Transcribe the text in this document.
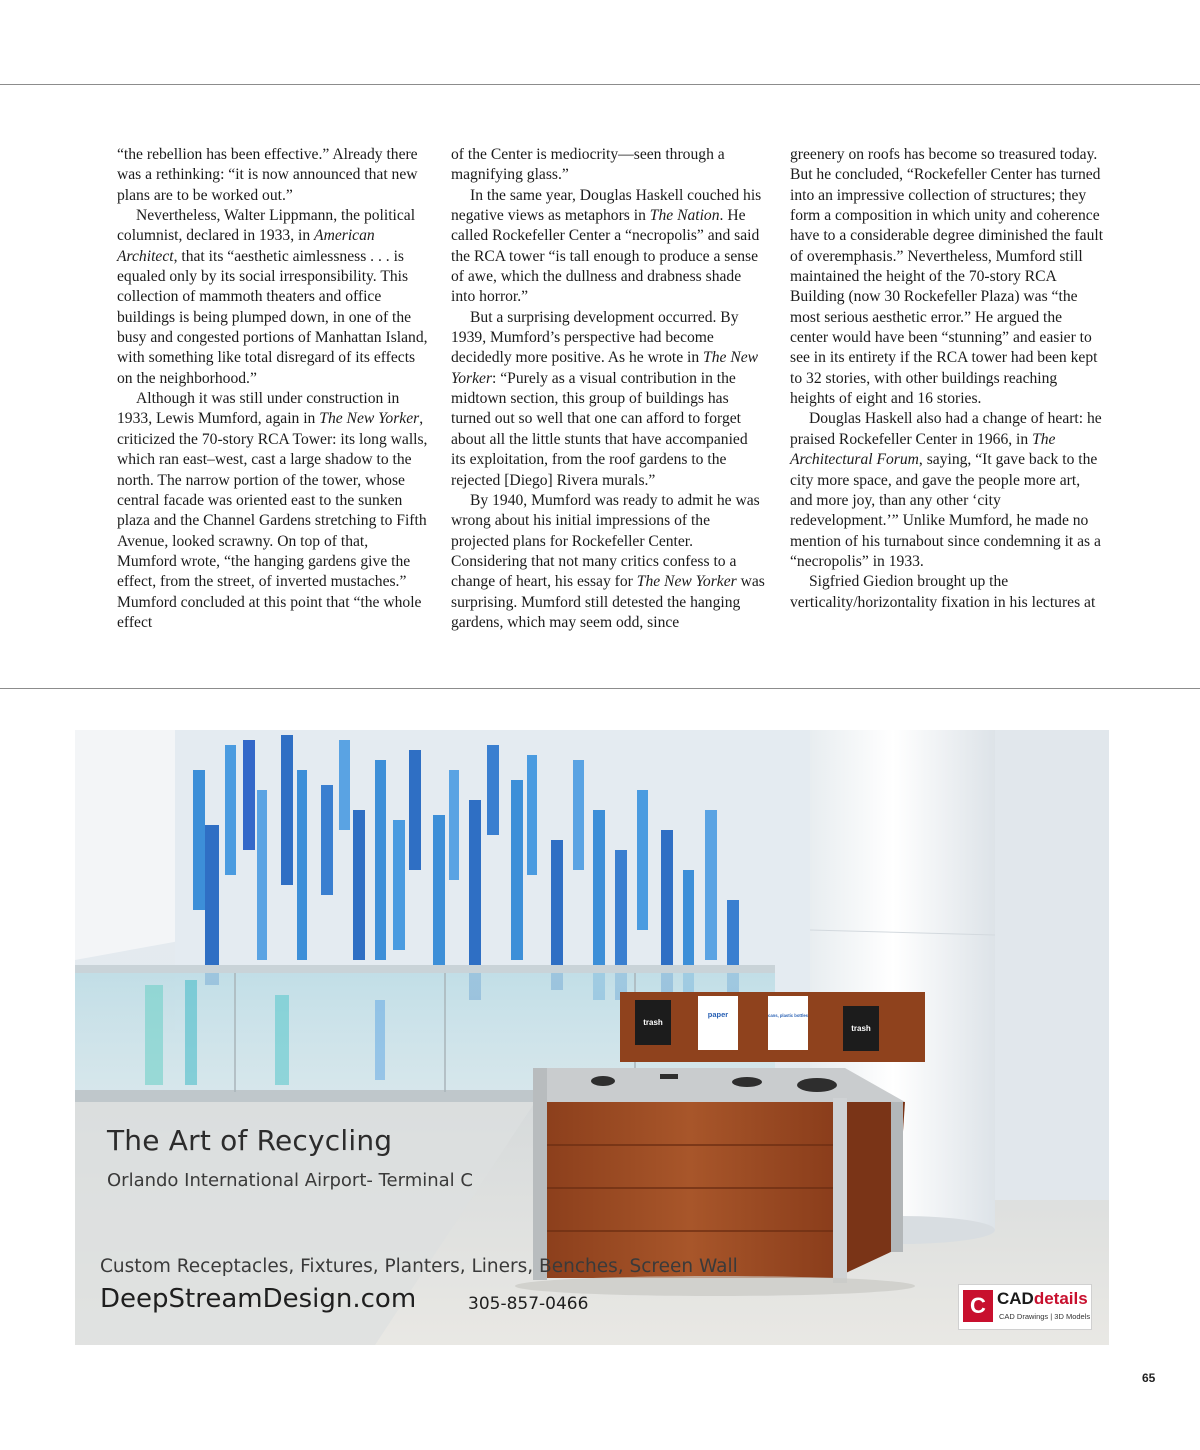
“the rebellion has been effective.” Already there was a rethinking: “it is now announced that new plans are to be worked out.”

Nevertheless, Walter Lippmann, the political columnist, declared in 1933, in American Architect, that its “aesthetic aimlessness . . . is equaled only by its social irresponsibility. This collection of mammoth theaters and office buildings is being plumped down, in one of the busy and congested portions of Manhattan Island, with something like total disregard of its effects on the neighborhood.”

Although it was still under construction in 1933, Lewis Mumford, again in The New Yorker, criticized the 70-story RCA Tower: its long walls, which ran east–west, cast a large shadow to the north. The narrow portion of the tower, whose central facade was oriented east to the sunken plaza and the Channel Gardens stretching to Fifth Avenue, looked scrawny. On top of that, Mumford wrote, “the hanging gardens give the effect, from the street, of inverted mustaches.” Mumford concluded at this point that “the whole effect

of the Center is mediocrity—seen through a magnifying glass.”

In the same year, Douglas Haskell couched his negative views as metaphors in The Nation. He called Rockefeller Center a “necropolis” and said the RCA tower “is tall enough to produce a sense of awe, which the dullness and drabness shade into horror.”

But a surprising development occurred. By 1939, Mumford’s perspective had become decidedly more positive. As he wrote in The New Yorker: “Purely as a visual contribution in the midtown section, this group of buildings has turned out so well that one can afford to forget about all the little stunts that have accompanied its exploitation, from the roof gardens to the rejected [Diego] Rivera murals.”

By 1940, Mumford was ready to admit he was wrong about his initial impressions of the projected plans for Rockefeller Center. Considering that not many critics confess to a change of heart, his essay for The New Yorker was surprising. Mumford still detested the hanging gardens, which may seem odd, since

greenery on roofs has become so treasured today. But he concluded, “Rockefeller Center has turned into an impressive collection of structures; they form a composition in which unity and coherence have to a considerable degree diminished the fault of overemphasis.” Nevertheless, Mumford still maintained the height of the 70-story RCA Building (now 30 Rockefeller Plaza) was “the most serious aesthetic error.” He argued the center would have been “stunning” and easier to see in its entirety if the RCA tower had been kept to 32 stories, with other buildings reaching heights of eight and 16 stories.

Douglas Haskell also had a change of heart: he praised Rockefeller Center in 1966, in The Architectural Forum, saying, “It gave back to the city more space, and gave the people more art, and more joy, than any other ‘city redevelopment.’” Unlike Mumford, he made no mention of his turnabout since condemning it as a “necropolis” in 1933.

Sigfried Giedion brought up the verticality/horizontality fixation in his lectures at

trash
paper	cans, plastic bottles
trash
The Art of Recycling
Orlando International Airport- Terminal C
Custom Receptacles, Fixtures, Planters, Liners, Benches, Screen Wall
DeepStreamDesign.com	305-857-0466	C CADdetails
CAD Drawings | 3D Models
65
